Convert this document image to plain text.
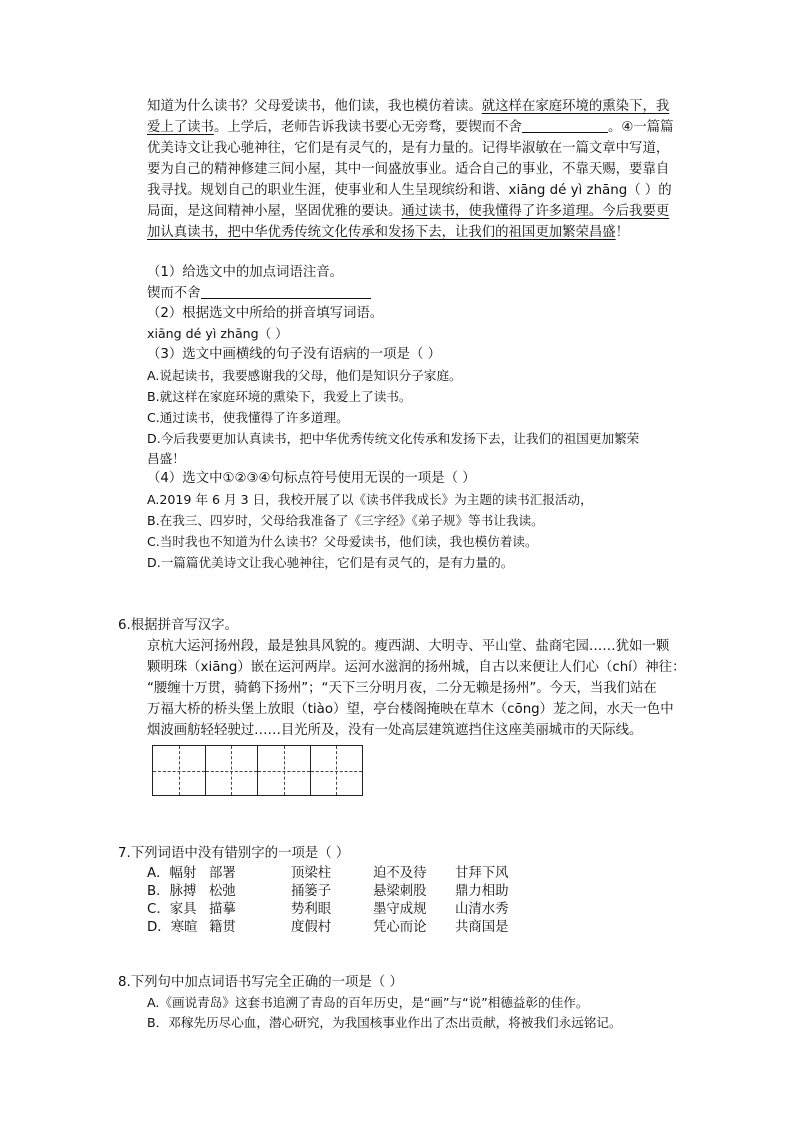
知道为什么读书？父母爱读书，他们读，我也模仿着读。就这样在家庭环境的熏染下，我
爱上了读书。上学后，老师告诉我读书要心无旁骛，要锲而不舍	。④一篇篇
优美诗文让我心驰神往，它们是有灵气的，是有力量的。记得毕淑敏在一篇文章中写道，
要为自己的精神修建三间小屋，其中一间盛放事业。适合自己的事业，不靠天赐，要靠自
我寻找。规划自己的职业生涯，使事业和人生呈现缤纷和谐、xiāng dé yì zhāng（ ）的
局面，是这间精神小屋，坚固优雅的要诀。通过读书，使我懂得了许多道理。今后我要更
加认真读书，把中华优秀传统文化传承和发扬下去，让我们的祖国更加繁荣昌盛！
（1）给选文中的加点词语注音。
锲而不舍
（2）根据选文中所给的拼音填写词语。
xiāng dé yì zhāng（ ）
（3）选文中画横线的句子没有语病的一项是（ ）
A.说起读书，我要感谢我的父母，他们是知识分子家庭。
B.就这样在家庭环境的熏染下，我爱上了读书。
C.通过读书，使我懂得了许多道理。
D.今后我要更加认真读书，把中华优秀传统文化传承和发扬下去，让我们的祖国更加繁荣
昌盛！
（4）选文中①②③④句标点符号使用无误的一项是（ ）
A.2019 年 6 月 3 日，我校开展了以《读书伴我成长》为主题的读书汇报活动，
B.在我三、四岁时，父母给我准备了《三字经》《弟子规》等书让我读。
C.当时我也不知道为什么读书？父母爱读书，他们读，我也模仿着读。
D.一篇篇优美诗文让我心驰神往，它们是有灵气的，是有力量的。
6.根据拼音写汉字。
京杭大运河扬州段，最是独具风貌的。瘦西湖、大明寺、平山堂、盐商宅园……犹如一颗
颗明珠（xiāng）嵌在运河两岸。运河水滋润的扬州城，自古以来便让人们心（chí）神往：
“腰缠十万贯，骑鹤下扬州”；“天下三分明月夜，二分无赖是扬州”。今天，当我们站在
万福大桥的桥头堡上放眼（tiào）望，亭台楼阁掩映在草木（cōng）茏之间，水天一色中
烟波画舫轻轻驶过……目光所及，没有一处高层建筑遮挡住这座美丽城市的天际线。
7.下列词语中没有错别字的一项是（ ）
A．幅射 部署	顶梁柱	迫不及待 甘拜下风
B．脉搏 松弛	捅篓子	悬梁刺股 鼎力相助
C．家具 描摹	势利眼	墨守成规 山清水秀
D．寒暄 籍贯	度假村	凭心而论 共商国是
8.下列句中加点词语书写完全正确的一项是（ ）
A.《画说青岛》这套书追溯了青岛的百年历史，是“画”与“说”相德益彰的佳作。
B．邓稼先历尽心血，潜心研究，为我国核事业作出了杰出贡献，将被我们永远铭记。
